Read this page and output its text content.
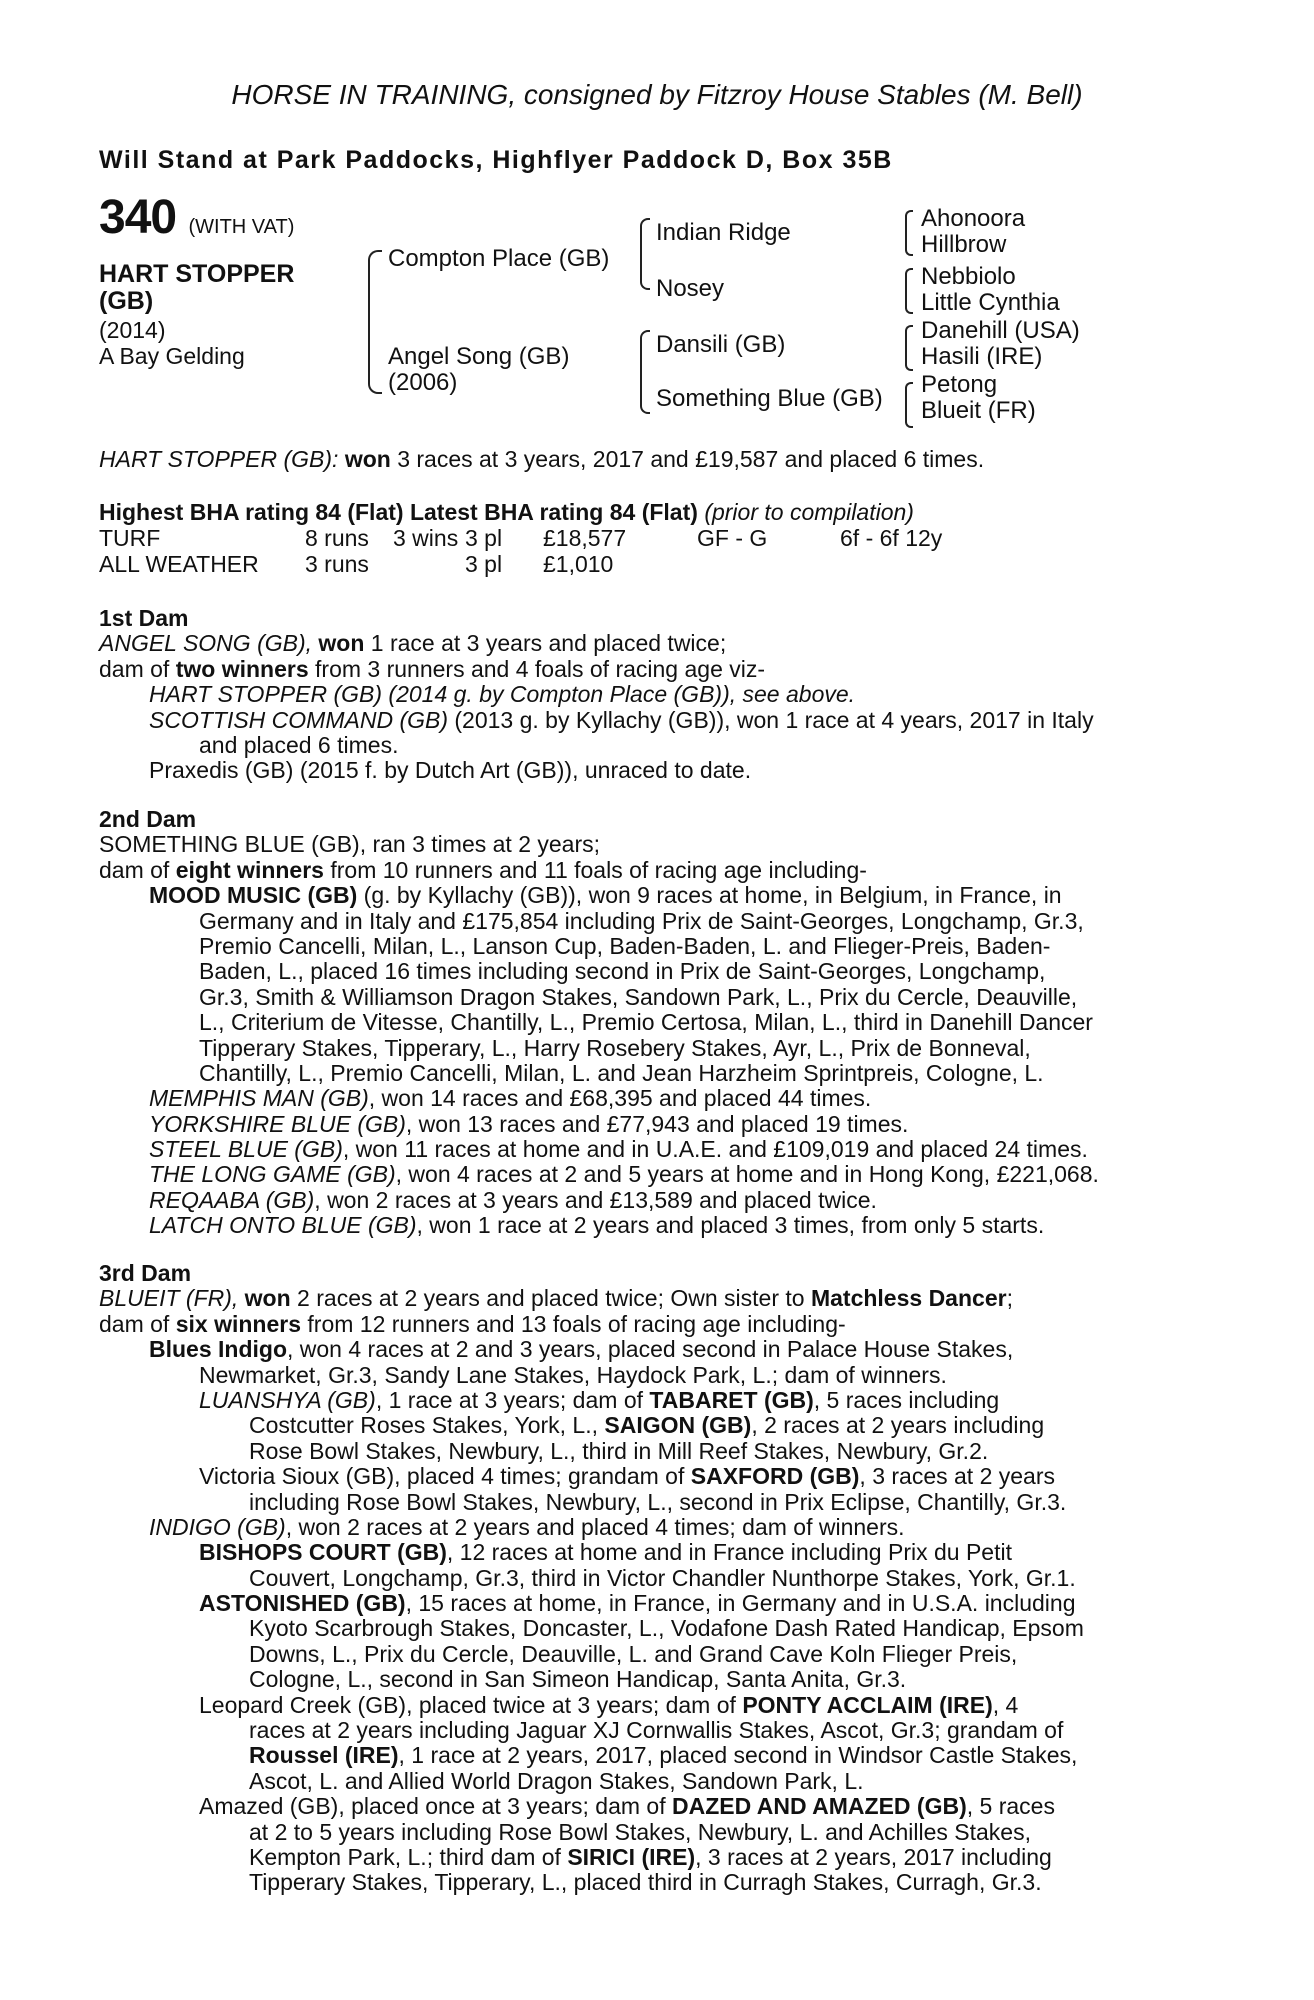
HORSE IN TRAINING, consigned by Fitzroy House Stables (M. Bell)
Will Stand at Park Paddocks, Highflyer Paddock D, Box 35B
340 (WITH VAT)
HART STOPPER
(GB)
(2014)
A Bay Gelding
Compton Place (GB)
Angel Song (GB)
(2006)
Indian Ridge
Nosey
Dansili (GB)
Something Blue (GB)
Ahonoora
Hillbrow
Nebbiolo
Little Cynthia
Danehill (USA)
Hasili (IRE)
Petong
Blueit (FR)
HART STOPPER (GB): won 3 races at 3 years, 2017 and £19,587 and placed 6 times.
Highest BHA rating 84 (Flat) Latest BHA rating 84 (Flat) (prior to compilation)
TURF	8 runs 3 wins 3 pl £18,577	GF - G	6f - 6f 12y
ALL WEATHER 3 runs	3 pl £1,010
1st Dam
ANGEL SONG (GB), won 1 race at 3 years and placed twice;
dam of two winners from 3 runners and 4 foals of racing age viz-
HART STOPPER (GB) (2014 g. by Compton Place (GB)), see above.
SCOTTISH COMMAND (GB) (2013 g. by Kyllachy (GB)), won 1 race at 4 years, 2017 in Italy
and placed 6 times.
Praxedis (GB) (2015 f. by Dutch Art (GB)), unraced to date.
2nd Dam
SOMETHING BLUE (GB), ran 3 times at 2 years;
dam of eight winners from 10 runners and 11 foals of racing age including-
MOOD MUSIC (GB) (g. by Kyllachy (GB)), won 9 races at home, in Belgium, in France, in
Germany and in Italy and £175,854 including Prix de Saint-Georges, Longchamp, Gr.3,
Premio Cancelli, Milan, L., Lanson Cup, Baden-Baden, L. and Flieger-Preis, Baden-
Baden, L., placed 16 times including second in Prix de Saint-Georges, Longchamp,
Gr.3, Smith & Williamson Dragon Stakes, Sandown Park, L., Prix du Cercle, Deauville,
L., Criterium de Vitesse, Chantilly, L., Premio Certosa, Milan, L., third in Danehill Dancer
Tipperary Stakes, Tipperary, L., Harry Rosebery Stakes, Ayr, L., Prix de Bonneval,
Chantilly, L., Premio Cancelli, Milan, L. and Jean Harzheim Sprintpreis, Cologne, L.
MEMPHIS MAN (GB), won 14 races and £68,395 and placed 44 times.
YORKSHIRE BLUE (GB), won 13 races and £77,943 and placed 19 times.
STEEL BLUE (GB), won 11 races at home and in U.A.E. and £109,019 and placed 24 times.
THE LONG GAME (GB), won 4 races at 2 and 5 years at home and in Hong Kong, £221,068.
REQAABA (GB), won 2 races at 3 years and £13,589 and placed twice.
LATCH ONTO BLUE (GB), won 1 race at 2 years and placed 3 times, from only 5 starts.
3rd Dam
BLUEIT (FR), won 2 races at 2 years and placed twice; Own sister to Matchless Dancer;
dam of six winners from 12 runners and 13 foals of racing age including-
Blues Indigo, won 4 races at 2 and 3 years, placed second in Palace House Stakes,
Newmarket, Gr.3, Sandy Lane Stakes, Haydock Park, L.; dam of winners.
LUANSHYA (GB), 1 race at 3 years; dam of TABARET (GB), 5 races including
Costcutter Roses Stakes, York, L., SAIGON (GB), 2 races at 2 years including
Rose Bowl Stakes, Newbury, L., third in Mill Reef Stakes, Newbury, Gr.2.
Victoria Sioux (GB), placed 4 times; grandam of SAXFORD (GB), 3 races at 2 years
including Rose Bowl Stakes, Newbury, L., second in Prix Eclipse, Chantilly, Gr.3.
INDIGO (GB), won 2 races at 2 years and placed 4 times; dam of winners.
BISHOPS COURT (GB), 12 races at home and in France including Prix du Petit
Couvert, Longchamp, Gr.3, third in Victor Chandler Nunthorpe Stakes, York, Gr.1.
ASTONISHED (GB), 15 races at home, in France, in Germany and in U.S.A. including
Kyoto Scarbrough Stakes, Doncaster, L., Vodafone Dash Rated Handicap, Epsom
Downs, L., Prix du Cercle, Deauville, L. and Grand Cave Koln Flieger Preis,
Cologne, L., second in San Simeon Handicap, Santa Anita, Gr.3.
Leopard Creek (GB), placed twice at 3 years; dam of PONTY ACCLAIM (IRE), 4
races at 2 years including Jaguar XJ Cornwallis Stakes, Ascot, Gr.3; grandam of
Roussel (IRE), 1 race at 2 years, 2017, placed second in Windsor Castle Stakes,
Ascot, L. and Allied World Dragon Stakes, Sandown Park, L.
Amazed (GB), placed once at 3 years; dam of DAZED AND AMAZED (GB), 5 races
at 2 to 5 years including Rose Bowl Stakes, Newbury, L. and Achilles Stakes,
Kempton Park, L.; third dam of SIRICI (IRE), 3 races at 2 years, 2017 including
Tipperary Stakes, Tipperary, L., placed third in Curragh Stakes, Curragh, Gr.3.
